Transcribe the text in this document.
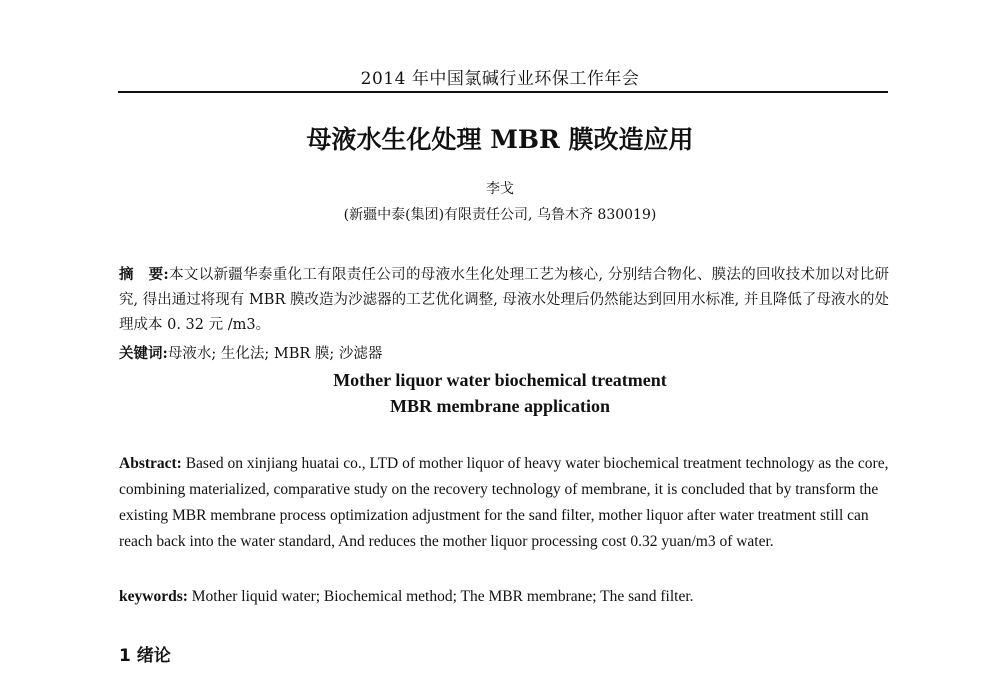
2014 年中国氯碱行业环保工作年会
母液水生化处理 MBR 膜改造应用
李戈
(新疆中泰(集团)有限责任公司, 乌鲁木齐 830019)
摘　要:本文以新疆华泰重化工有限责任公司的母液水生化处理工艺为核心, 分别结合物化、膜法的回收技术加以对比研究, 得出通过将现有 MBR 膜改造为沙滤器的工艺优化调整, 母液水处理后仍然能达到回用水标准, 并且降低了母液水的处理成本 0. 32 元 /m3。
关键词:母液水; 生化法; MBR 膜; 沙滤器
Mother liquor water biochemical treatment
MBR membrane application
Abstract: Based on xinjiang huatai co., LTD of mother liquor of heavy water biochemical treatment technology as the core, combining materialized, comparative study on the recovery technology of membrane, it is concluded that by transform the existing MBR membrane process optimization adjustment for the sand filter, mother liquor after water treatment still can reach back into the water standard, And reduces the mother liquor processing cost 0.32 yuan/m3 of water.
keywords: Mother liquid water; Biochemical method; The MBR membrane; The sand filter.
1 绪论
